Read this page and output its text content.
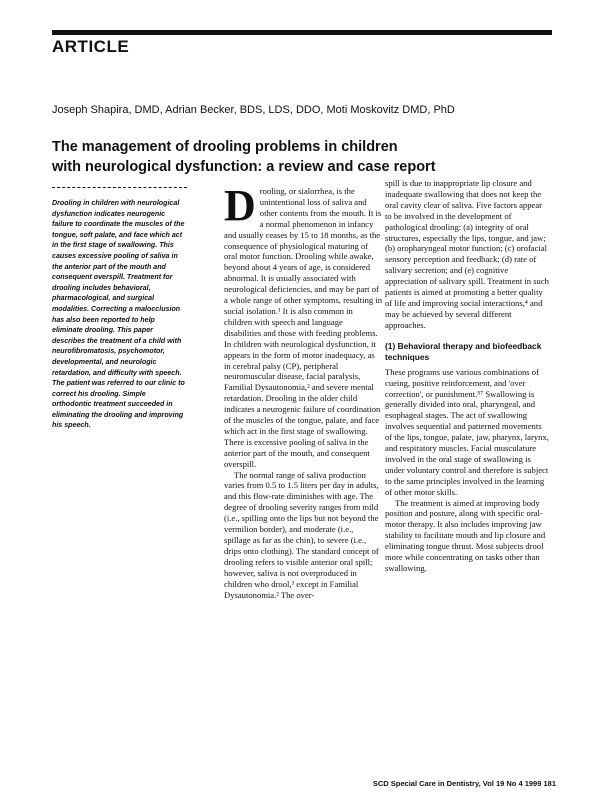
ARTICLE
Joseph Shapira, DMD, Adrian Becker, BDS, LDS, DDO, Moti Moskovitz DMD, PhD
The management of drooling problems in children
with neurological dysfunction: a review and case report
Drooling in children with neurological dysfunction indicates neurogenic failure to coordinate the muscles of the tongue, soft palate, and face which act in the first stage of swallowing. This causes excessive pooling of saliva in the anterior part of the mouth and consequent overspill. Treatment for drooling includes behavioral, pharmacological, and surgical modalities. Correcting a malocclusion has also been reported to help eliminate drooling. This paper describes the treatment of a child with neurofibromatosis, psychomotor, developmental, and neurologic retardation, and difficulty with speech. The patient was referred to our clinic to correct his drooling. Simple orthodontic treatment succeeded in eliminating the drooling and improving his speech.
D rooling, or sialorrhea, is the unintentional loss of saliva and other contents from the mouth. It is a normal phenomenon in infancy and usually ceases by 15 to 18 months, as the consequence of physiological maturing of oral motor function. Drooling while awake, beyond about 4 years of age, is considered abnormal. It is usually associated with neurological deficiencies, and may be part of a whole range of other symptoms, resulting in social isolation.¹ It is also common in children with speech and language disabilities and those with feeding problems. In children with neurological dysfunction, it appears in the form of motor inadequacy, as in cerebral palsy (CP), peripheral neuromuscular disease, facial paralysis, Familial Dysautonomia,² and severe mental retardation. Drooling in the older child indicates a neurogenic failure of coordination of the muscles of the tongue, palate, and face which act in the first stage of swallowing. There is excessive pooling of saliva in the anterior part of the mouth, and consequent overspill.

The normal range of saliva production varies from 0.5 to 1.5 liters per day in adults, and this flow-rate diminishes with age. The degree of drooling severity ranges from mild (i.e., spilling onto the lips but not beyond the vermilion border), and moderate (i.e., spillage as far as the chin), to severe (i.e., drips onto clothing). The standard concept of drooling refers to visible anterior oral spill; however, saliva is not overproduced in children who drool,³ except in Familial Dysautonomia.² The over-

spill is due to inappropriate lip closure and inadequate swallowing that does not keep the oral cavity clear of saliva. Five factors appear to be involved in the development of pathological drooling: (a) integrity of oral structures, especially the lips, tongue, and jaw; (b) oropharyngeal motor function; (c) orofacial sensory perception and feedback; (d) rate of salivary secretion; and (e) cognitive appreciation of salivary spill. Treatment in such patients is aimed at promoting a better quality of life and improving social interactions,⁴ and may be achieved by several different approaches.

(1) Behavioral therapy and biofeedback techniques

These programs use various combinations of cueing, positive reinforcement, and 'over correction', or punishment.⁵⁷ Swallowing is generally divided into oral, pharyngeal, and esophageal stages. The act of swallowing involves sequential and patterned movements of the lips, tongue, palate, jaw, pharynx, larynx, and respiratory muscles. Facial musculature involved in the oral stage of swallowing is under voluntary control and therefore is subject to the same principles involved in the learning of other motor skills.

The treatment is aimed at improving body position and posture, along with specific oral-motor therapy. It also includes improving jaw stability to facilitate mouth and lip closure and eliminating tongue thrust. Most subjects drool more while concentrating on tasks other than swallowing.

SCD Special Care in Dentistry, Vol 19 No 4 1999 181
